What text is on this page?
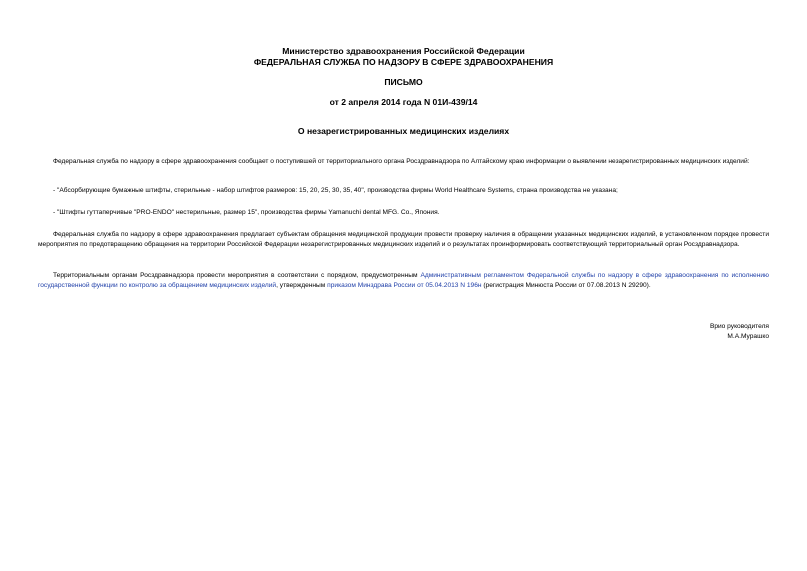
Министерство здравоохранения Российской Федерации
ФЕДЕРАЛЬНАЯ СЛУЖБА ПО НАДЗОРУ В СФЕРЕ ЗДРАВООХРАНЕНИЯ
ПИСЬМО
от 2 апреля 2014 года N 01И-439/14
О незарегистрированных медицинских изделиях
Федеральная служба по надзору в сфере здравоохранения сообщает о поступившей от территориального органа Росздравнадзора по Алтайскому краю информации о выявлении незарегистрированных медицинских изделий:
- "Абсорбирующие бумажные штифты, стерильные - набор штифтов размеров: 15, 20, 25, 30, 35, 40", производства фирмы World Healthcare Systems, страна производства не указана;
- "Штифты гуттаперчивые "PRO-ENDO" нестерильные, размер 15", производства фирмы Yamanuchi dental MFG. Co., Япония.
Федеральная служба по надзору в сфере здравоохранения предлагает субъектам обращения медицинской продукции провести проверку наличия в обращении указанных медицинских изделий, в установленном порядке провести мероприятия по предотвращению обращения на территории Российской Федерации незарегистрированных медицинских изделий и о результатах проинформировать соответствующий территориальный орган Росздравнадзора.
Территориальным органам Росздравнадзора провести мероприятия в соответствии с порядком, предусмотренным Административным регламентом Федеральной службы по надзору в сфере здравоохранения по исполнению государственной функции по контролю за обращением медицинских изделий, утвержденным приказом Минздрава России от 05.04.2013 N 196н (регистрация Минюста России от 07.08.2013 N 29290).
Врио руководителя
М.А.Мурашко
